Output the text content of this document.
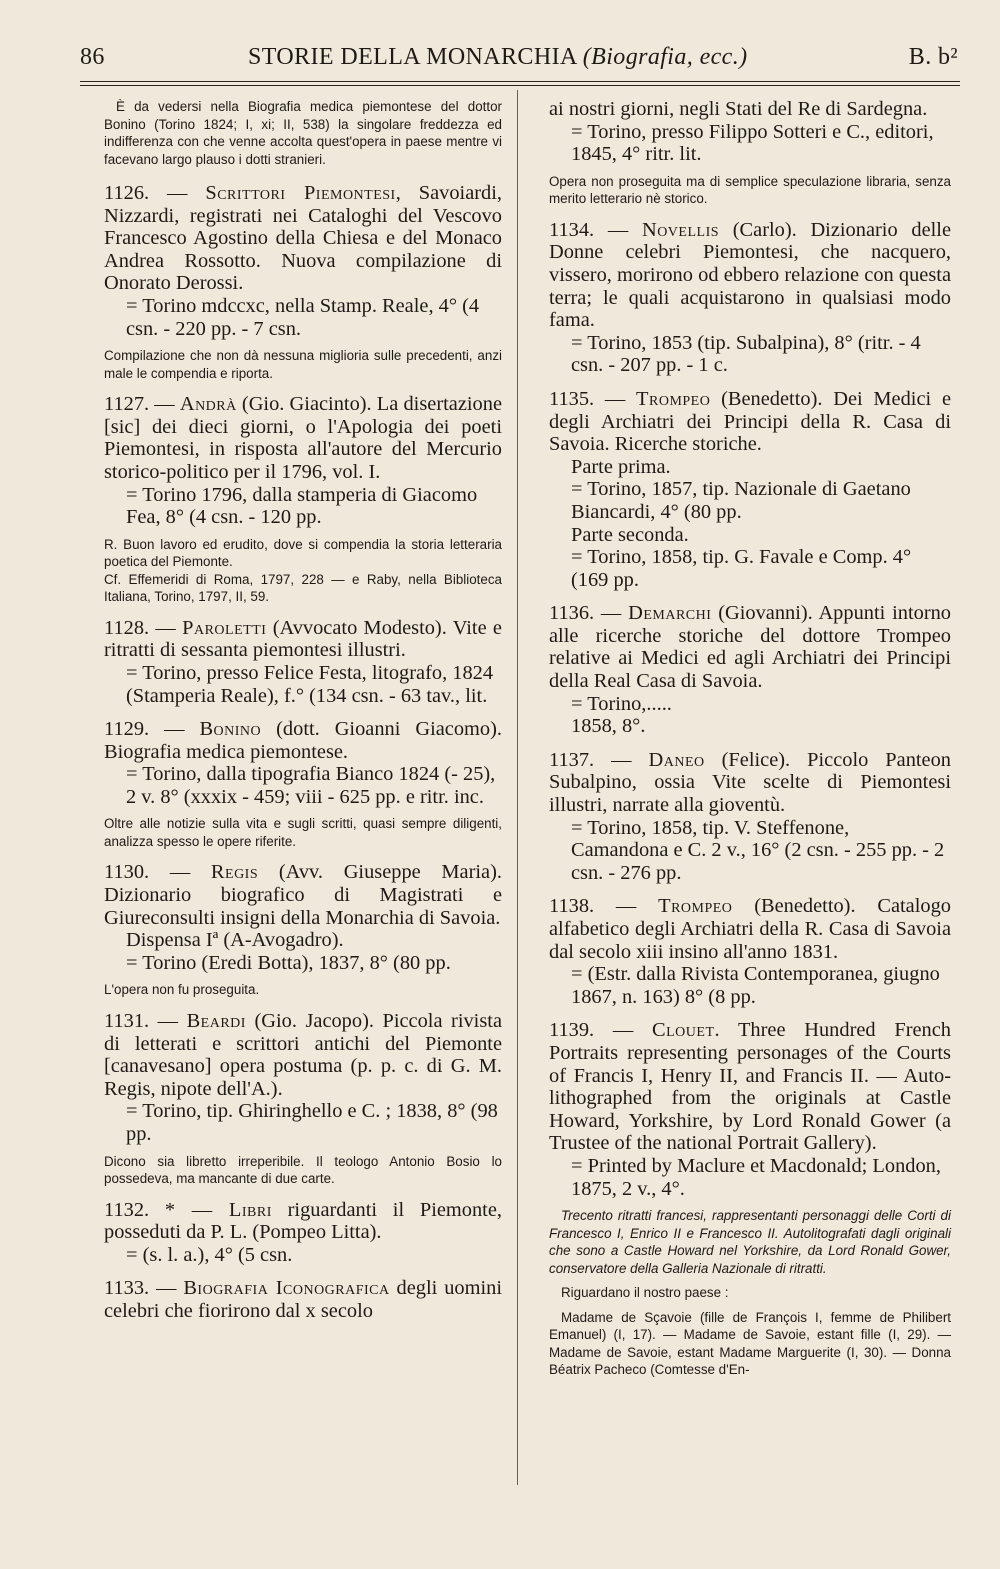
86	STORIE DELLA MONARCHIA (Biografia, ecc.)	B. b²

È da vedersi nella Biografia medica piemontese del dottor Bonino (Torino 1824; I, xi; II, 538) la singolare freddezza ed indifferenza con che venne accolta quest'opera in paese mentre vi facevano largo plauso i dotti stranieri.

1126. — Scrittori Piemontesi, Savoiardi, Nizzardi, registrati nei Cataloghi del Vescovo Francesco Agostino della Chiesa e del Monaco Andrea Rossotto. Nuova compilazione di Onorato Derossi.

= Torino mdccxc, nella Stamp. Reale, 4° (4 csn. - 220 pp. - 7 csn.

Compilazione che non dà nessuna miglioria sulle precedenti, anzi male le compendia e riporta.

1127. — Andrà (Gio. Giacinto). La disertazione [sic] dei dieci giorni, o l'Apologia dei poeti Piemontesi, in risposta all'autore del Mercurio storico-politico per il 1796, vol. I.

= Torino 1796, dalla stamperia di Giacomo Fea, 8° (4 csn. - 120 pp.

R. Buon lavoro ed erudito, dove si compendia la storia letteraria poetica del Piemonte.

Cf. Effemeridi di Roma, 1797, 228 — e Raby, nella Biblioteca Italiana, Torino, 1797, II, 59.

1128. — Paroletti (Avvocato Modesto). Vite e ritratti di sessanta piemontesi illustri.

= Torino, presso Felice Festa, litografo, 1824 (Stamperia Reale), f.° (134 csn. - 63 tav., lit.

1129. — Bonino (dott. Gioanni Giacomo). Biografia medica piemontese.

= Torino, dalla tipografia Bianco 1824 (- 25), 2 v. 8° (xxxix - 459; viii - 625 pp. e ritr. inc.

Oltre alle notizie sulla vita e sugli scritti, quasi sempre diligenti, analizza spesso le opere riferite.

1130. — Regis (Avv. Giuseppe Maria). Dizionario biografico di Magistrati e Giureconsulti insigni della Monarchia di Savoia.

Dispensa Iª (A-Avogadro).

= Torino (Eredi Botta), 1837, 8° (80 pp.

L'opera non fu proseguita.

1131. — Beardi (Gio. Jacopo). Piccola rivista di letterati e scrittori antichi del Piemonte [canavesano] opera postuma (p. p. c. di G. M. Regis, nipote dell'A.).

= Torino, tip. Ghiringhello e C. ; 1838, 8° (98 pp.

Dicono sia libretto irreperibile. Il teologo Antonio Bosio lo possedeva, ma mancante di due carte.

1132. * — Libri riguardanti il Piemonte, posseduti da P. L. (Pompeo Litta).

= (s. l. a.), 4° (5 csn.

1133. — Biografia Iconografica degli uomini celebri che fiorirono dal x secolo

ai nostri giorni, negli Stati del Re di Sardegna.

= Torino, presso Filippo Sotteri e C., editori, 1845, 4° ritr. lit.

Opera non proseguita ma di semplice speculazione libraria, senza merito letterario nè storico.

1134. — Novellis (Carlo). Dizionario delle Donne celebri Piemontesi, che nacquero, vissero, morirono od ebbero relazione con questa terra; le quali acquistarono in qualsiasi modo fama.

= Torino, 1853 (tip. Subalpina), 8° (ritr. - 4 csn. - 207 pp. - 1 c.

1135. — Trompeo (Benedetto). Dei Medici e degli Archiatri dei Principi della R. Casa di Savoia. Ricerche storiche.

Parte prima.

= Torino, 1857, tip. Nazionale di Gaetano Biancardi, 4° (80 pp.

Parte seconda.

= Torino, 1858, tip. G. Favale e Comp. 4° (169 pp.

1136. — Demarchi (Giovanni). Appunti intorno alle ricerche storiche del dottore Trompeo relative ai Medici ed agli Archiatri dei Principi della Real Casa di Savoia.

= Torino,.....

1858, 8°.

1137. — Daneo (Felice). Piccolo Panteon Subalpino, ossia Vite scelte di Piemontesi illustri, narrate alla gioventù.

= Torino, 1858, tip. V. Steffenone, Camandona e C. 2 v., 16° (2 csn. - 255 pp. - 2 csn. - 276 pp.

1138. — Trompeo (Benedetto). Catalogo alfabetico degli Archiatri della R. Casa di Savoia dal secolo xiii insino all'anno 1831.

= (Estr. dalla Rivista Contemporanea, giugno 1867, n. 163) 8° (8 pp.

1139. — Clouet. Three Hundred French Portraits representing personages of the Courts of Francis I, Henry II, and Francis II. — Auto-lithographed from the originals at Castle Howard, Yorkshire, by Lord Ronald Gower (a Trustee of the national Portrait Gallery).

= Printed by Maclure et Macdonald; London, 1875, 2 v., 4°.

Trecento ritratti francesi, rappresentanti personaggi delle Corti di Francesco I, Enrico II e Francesco II. Autolitografati dagli originali che sono a Castle Howard nel Yorkshire, da Lord Ronald Gower, conservatore della Galleria Nazionale di ritratti.

Riguardano il nostro paese :

Madame de Sçavoie (fille de François I, femme de Philibert Emanuel) (I, 17). — Madame de Savoie, estant fille (I, 29). — Madame de Savoie, estant Madame Marguerite (I, 30). — Donna Béatrix Pacheco (Comtesse d'En-
